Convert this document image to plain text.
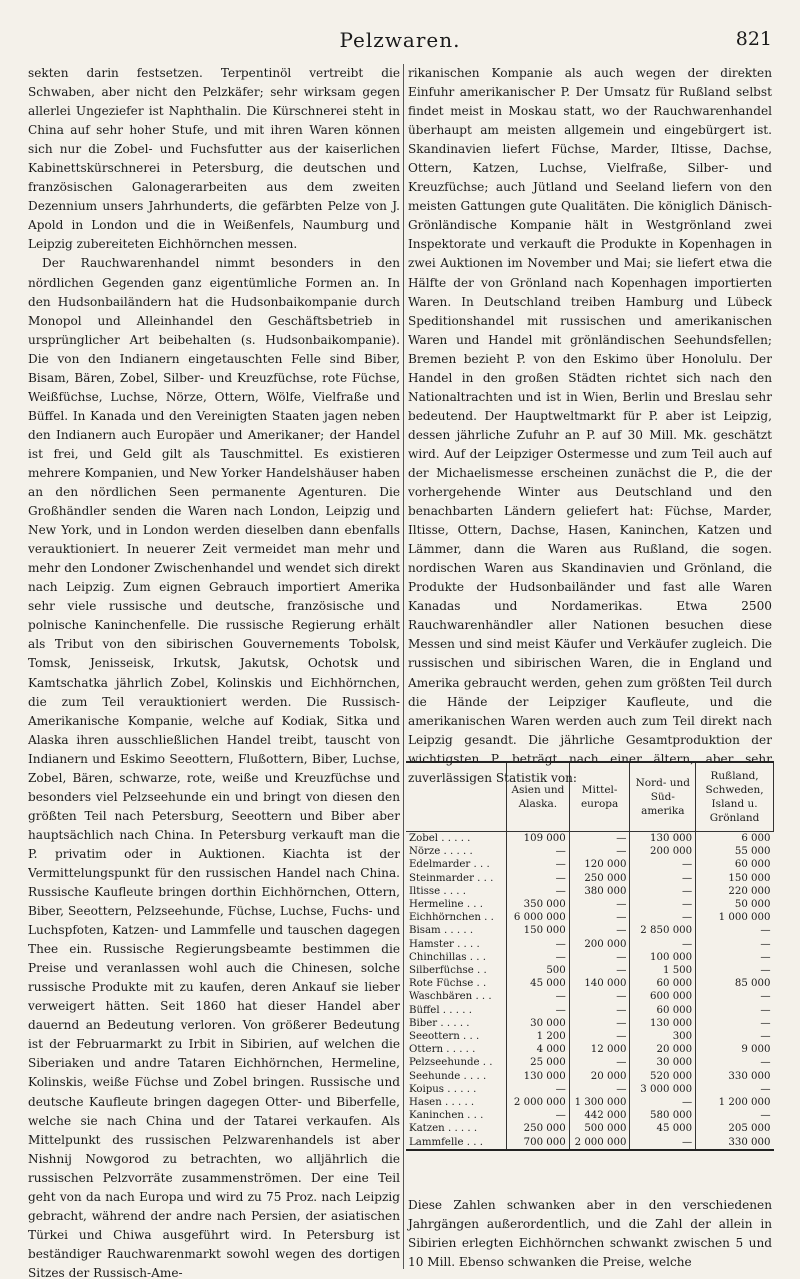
Pelzwaren.	821

sekten darin festsetzen. Terpentinöl vertreibt die Schwaben, aber nicht den Pelzkäfer; sehr wirksam gegen allerlei Ungeziefer ist Naphthalin. Die Kürschnerei steht in China auf sehr hoher Stufe, und mit ihren Waren können sich nur die Zobel- und Fuchsfutter aus der kaiserlichen Kabinettskürschnerei in Petersburg, die deutschen und französischen Galonagerarbeiten aus dem zweiten Dezennium unsers Jahrhunderts, die gefärbten Pelze von J. Apold in London und die in Weißenfels, Naumburg und Leipzig zubereiteten Eichhörnchen messen.

Der Rauchwarenhandel nimmt besonders in den nördlichen Gegenden ganz eigentümliche Formen an. In den Hudsonbailändern hat die Hudsonbaikompanie durch Monopol und Alleinhandel den Geschäftsbetrieb in ursprünglicher Art beibehalten (s. Hudsonbaikompanie). Die von den Indianern eingetauschten Felle sind Biber, Bisam, Bären, Zobel, Silber- und Kreuzfüchse, rote Füchse, Weißfüchse, Luchse, Nörze, Ottern, Wölfe, Vielfraße und Büffel. In Kanada und den Vereinigten Staaten jagen neben den Indianern auch Europäer und Amerikaner; der Handel ist frei, und Geld gilt als Tauschmittel. Es existieren mehrere Kompanien, und New Yorker Handelshäuser haben an den nördlichen Seen permanente Agenturen. Die Großhändler senden die Waren nach London, Leipzig und New York, und in London werden dieselben dann ebenfalls verauktioniert. In neuerer Zeit vermeidet man mehr und mehr den Londoner Zwischenhandel und wendet sich direkt nach Leipzig. Zum eignen Gebrauch importiert Amerika sehr viele russische und deutsche, französische und polnische Kaninchenfelle. Die russische Regierung erhält als Tribut von den sibirischen Gouvernements Tobolsk, Tomsk, Jenisseisk, Irkutsk, Jakutsk, Ochotsk und Kamtschatka jährlich Zobel, Kolinskis und Eichhörnchen, die zum Teil verauktioniert werden. Die Russisch-Amerikanische Kompanie, welche auf Kodiak, Sitka und Alaska ihren ausschließlichen Handel treibt, tauscht von Indianern und Eskimo Seeottern, Flußottern, Biber, Luchse, Zobel, Bären, schwarze, rote, weiße und Kreuzfüchse und besonders viel Pelzseehunde ein und bringt von diesen den größten Teil nach Petersburg, Seeottern und Biber aber hauptsächlich nach China. In Petersburg verkauft man die P. privatim oder in Auktionen. Kiachta ist der Vermittelungspunkt für den russischen Handel nach China. Russische Kaufleute bringen dorthin Eichhörnchen, Ottern, Biber, Seeottern, Pelzseehunde, Füchse, Luchse, Fuchs- und Luchspfoten, Katzen- und Lammfelle und tauschen dagegen Thee ein. Russische Regierungsbeamte bestimmen die Preise und veranlassen wohl auch die Chinesen, solche russische Produkte mit zu kaufen, deren Ankauf sie lieber verweigert hätten. Seit 1860 hat dieser Handel aber dauernd an Bedeutung verloren. Von größerer Bedeutung ist der Februarmarkt zu Irbit in Sibirien, auf welchen die Siberiaken und andre Tataren Eichhörnchen, Hermeline, Kolinskis, weiße Füchse und Zobel bringen. Russische und deutsche Kaufleute bringen dagegen Otter- und Biberfelle, welche sie nach China und der Tatarei verkaufen. Als Mittelpunkt des russischen Pelzwarenhandels ist aber Nishnij Nowgorod zu betrachten, wo alljährlich die russischen Pelzvorräte zusammenströmen. Der eine Teil geht von da nach Europa und wird zu 75 Proz. nach Leipzig gebracht, während der andre nach Persien, der asiatischen Türkei und Chiwa ausgeführt wird. In Petersburg ist beständiger Rauchwarenmarkt sowohl wegen des dortigen Sitzes der Russisch-Ame-

rikanischen Kompanie als auch wegen der direkten Einfuhr amerikanischer P. Der Umsatz für Rußland selbst findet meist in Moskau statt, wo der Rauchwarenhandel überhaupt am meisten allgemein und eingebürgert ist. Skandinavien liefert Füchse, Marder, Iltisse, Dachse, Ottern, Katzen, Luchse, Vielfraße, Silber- und Kreuzfüchse; auch Jütland und Seeland liefern von den meisten Gattungen gute Qualitäten. Die königlich Dänisch-Grönländische Kompanie hält in Westgrönland zwei Inspektorate und verkauft die Produkte in Kopenhagen in zwei Auktionen im November und Mai; sie liefert etwa die Hälfte der von Grönland nach Kopenhagen importierten Waren. In Deutschland treiben Hamburg und Lübeck Speditionshandel mit russischen und amerikanischen Waren und Handel mit grönländischen Seehundsfellen; Bremen bezieht P. von den Eskimo über Honolulu. Der Handel in den großen Städten richtet sich nach den Nationaltrachten und ist in Wien, Berlin und Breslau sehr bedeutend. Der Hauptweltmarkt für P. aber ist Leipzig, dessen jährliche Zufuhr an P. auf 30 Mill. Mk. geschätzt wird. Auf der Leipziger Ostermesse und zum Teil auch auf der Michaelismesse erscheinen zunächst die P., die der vorhergehende Winter aus Deutschland und den benachbarten Ländern geliefert hat: Füchse, Marder, Iltisse, Ottern, Dachse, Hasen, Kaninchen, Katzen und Lämmer, dann die Waren aus Rußland, die sogen. nordischen Waren aus Skandinavien und Grönland, die Produkte der Hudsonbailänder und fast alle Waren Kanadas und Nordamerikas. Etwa 2500 Rauchwarenhändler aller Nationen besuchen diese Messen und sind meist Käufer und Verkäufer zugleich. Die russischen und sibirischen Waren, die in England und Amerika gebraucht werden, gehen zum größten Teil durch die Hände der Leipziger Kaufleute, und die amerikanischen Waren werden auch zum Teil direkt nach Leipzig gesandt. Die jährliche Gesamtproduktion der wichtigsten P. beträgt nach einer ältern, aber sehr zuverlässigen Statistik von:

	Asien und Alaska.	Mittel-europa	Nord- und Süd-amerika	Rußland, Schweden, Island u. Grönland
Zobel . . . . .	109 000	—	130 000	6 000
Nörze . . . . .	—	—	200 000	55 000
Edelmarder . . .	—	120 000	—	60 000
Steinmarder . . .	—	250 000	—	150 000
Iltisse . . . .	—	380 000	—	220 000
Hermeline . . .	350 000	—	—	50 000
Eichhörnchen . .	6 000 000	—	—	1 000 000
Bisam . . . . .	150 000	—	2 850 000	—
Hamster . . . .	—	200 000	—	—
Chinchillas . . .	—	—	100 000	—
Silberfüchse . .	500	—	1 500	—
Rote Füchse . .	45 000	140 000	60 000	85 000
Waschbären . . .	—	—	600 000	—
Büffel . . . . .	—	—	60 000	—
Biber . . . . .	30 000	—	130 000	—
Seeottern . . .	1 200	—	300	—
Ottern . . . . .	4 000	12 000	20 000	9 000
Pelzseehunde . .	25 000	—	30 000	—
Seehunde . . . .	130 000	20 000	520 000	330 000
Koipus . . . . .	—	—	3 000 000	—
Hasen . . . . .	2 000 000	1 300 000	—	1 200 000
Kaninchen . . .	—	442 000	580 000	—
Katzen . . . . .	250 000	500 000	45 000	205 000
Lammfelle . . .	700 000	2 000 000	—	330 000
Diese Zahlen schwanken aber in den verschiedenen Jahrgängen außerordentlich, und die Zahl der allein in Sibirien erlegten Eichhörnchen schwankt zwischen 5 und 10 Mill. Ebenso schwanken die Preise, welche
